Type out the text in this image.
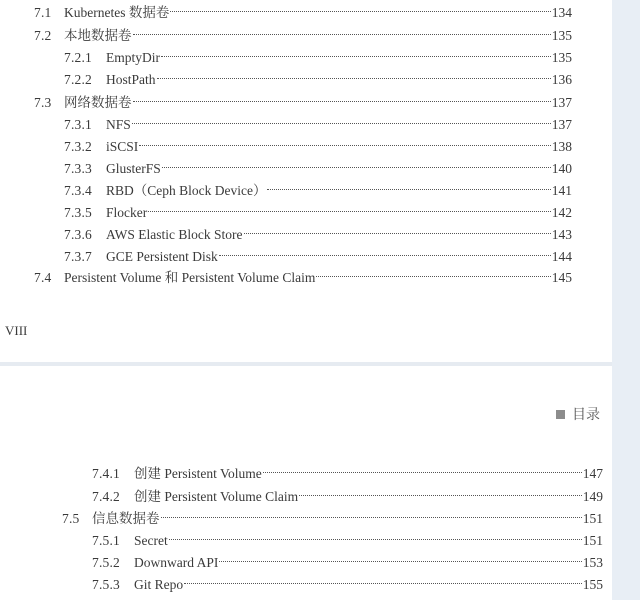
7.1 Kubernetes 数据卷	134
7.2 本地数据卷	135
7.2.1	EmptyDir	135
7.2.2	HostPath	136
7.3 网络数据卷	137
7.3.1	NFS	137
7.3.2	iSCSI	138
7.3.3	GlusterFS	140
7.3.4	RBD（Ceph Block Device）	141
7.3.5	Flocker	142
7.3.6	AWS Elastic Block Store	143
7.3.7	GCE Persistent Disk	144
7.4 Persistent Volume 和 Persistent Volume Claim	145
VIII
目录
7.4.1	创建 Persistent Volume	147
7.4.2	创建 Persistent Volume Claim	149
7.5 信息数据卷	151
7.5.1	Secret	151
7.5.2	Downward API	153
7.5.3	Git Repo	155
